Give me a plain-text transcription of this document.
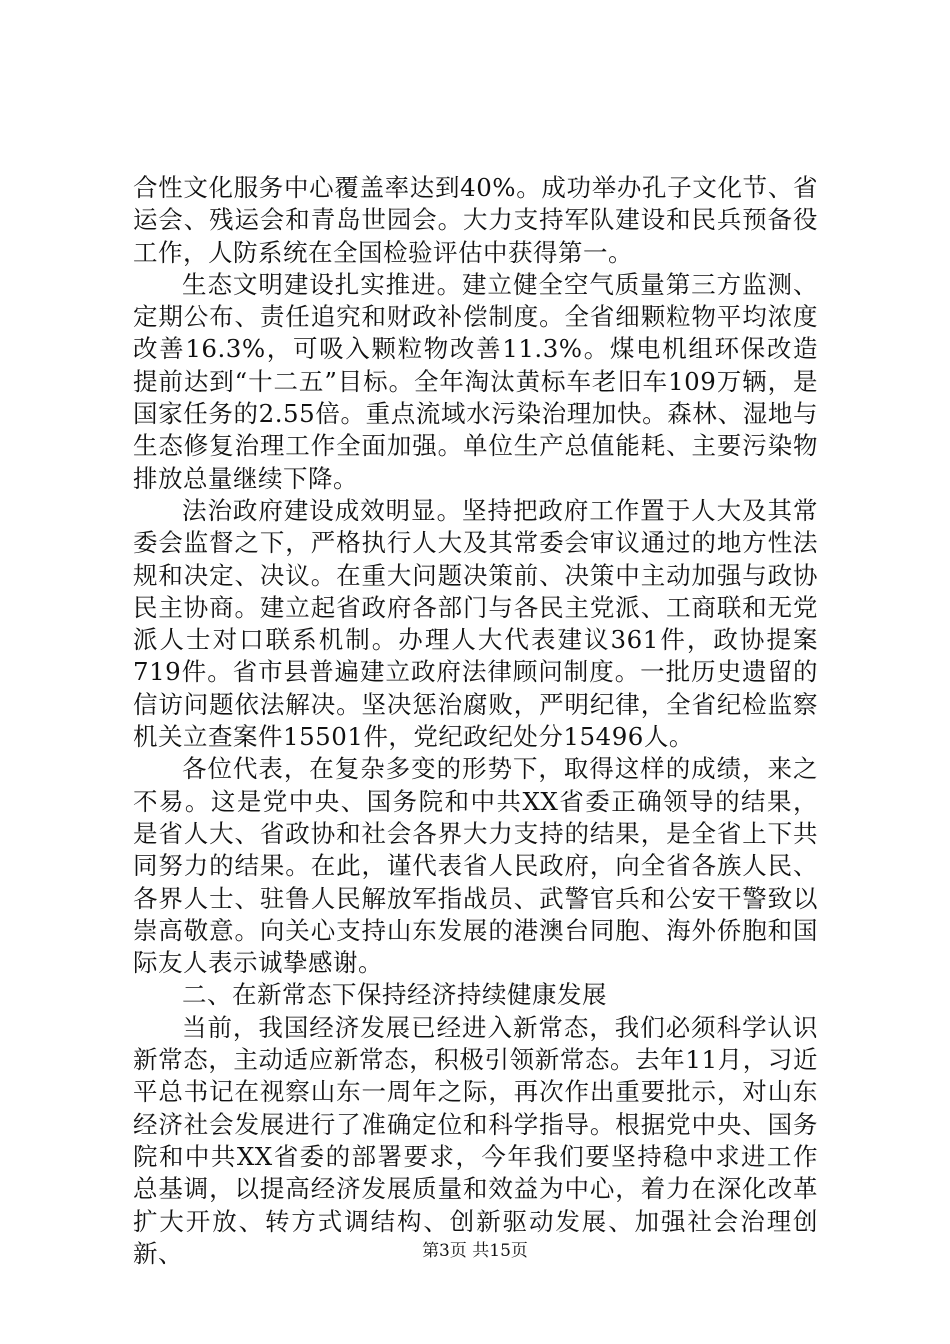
合性文化服务中心覆盖率达到40%。成功举办孔子文化节、省运会、残运会和青岛世园会。大力支持军队建设和民兵预备役工作，人防系统在全国检验评估中获得第一。

生态文明建设扎实推进。建立健全空气质量第三方监测、定期公布、责任追究和财政补偿制度。全省细颗粒物平均浓度改善16.3%，可吸入颗粒物改善11.3%。煤电机组环保改造提前达到“十二五”目标。全年淘汰黄标车老旧车109万辆，是国家任务的2.55倍。重点流域水污染治理加快。森林、湿地与生态修复治理工作全面加强。单位生产总值能耗、主要污染物排放总量继续下降。

法治政府建设成效明显。坚持把政府工作置于人大及其常委会监督之下，严格执行人大及其常委会审议通过的地方性法规和决定、决议。在重大问题决策前、决策中主动加强与政协民主协商。建立起省政府各部门与各民主党派、工商联和无党派人士对口联系机制。办理人大代表建议361件，政协提案719件。省市县普遍建立政府法律顾问制度。一批历史遗留的信访问题依法解决。坚决惩治腐败，严明纪律，全省纪检监察机关立查案件15501件，党纪政纪处分15496人。

各位代表，在复杂多变的形势下，取得这样的成绩，来之不易。这是党中央、国务院和中共XX省委正确领导的结果，是省人大、省政协和社会各界大力支持的结果，是全省上下共同努力的结果。在此，谨代表省人民政府，向全省各族人民、各界人士、驻鲁人民解放军指战员、武警官兵和公安干警致以崇高敬意。向关心支持山东发展的港澳台同胞、海外侨胞和国际友人表示诚挚感谢。

二、在新常态下保持经济持续健康发展

当前，我国经济发展已经进入新常态，我们必须科学认识新常态，主动适应新常态，积极引领新常态。去年11月，习近平总书记在视察山东一周年之际，再次作出重要批示，对山东经济社会发展进行了准确定位和科学指导。根据党中央、国务院和中共XX省委的部署要求，今年我们要坚持稳中求进工作总基调，以提高经济发展质量和效益为中心，着力在深化改革扩大开放、转方式调结构、创新驱动发展、加强社会治理创新、	第3页 共15页
